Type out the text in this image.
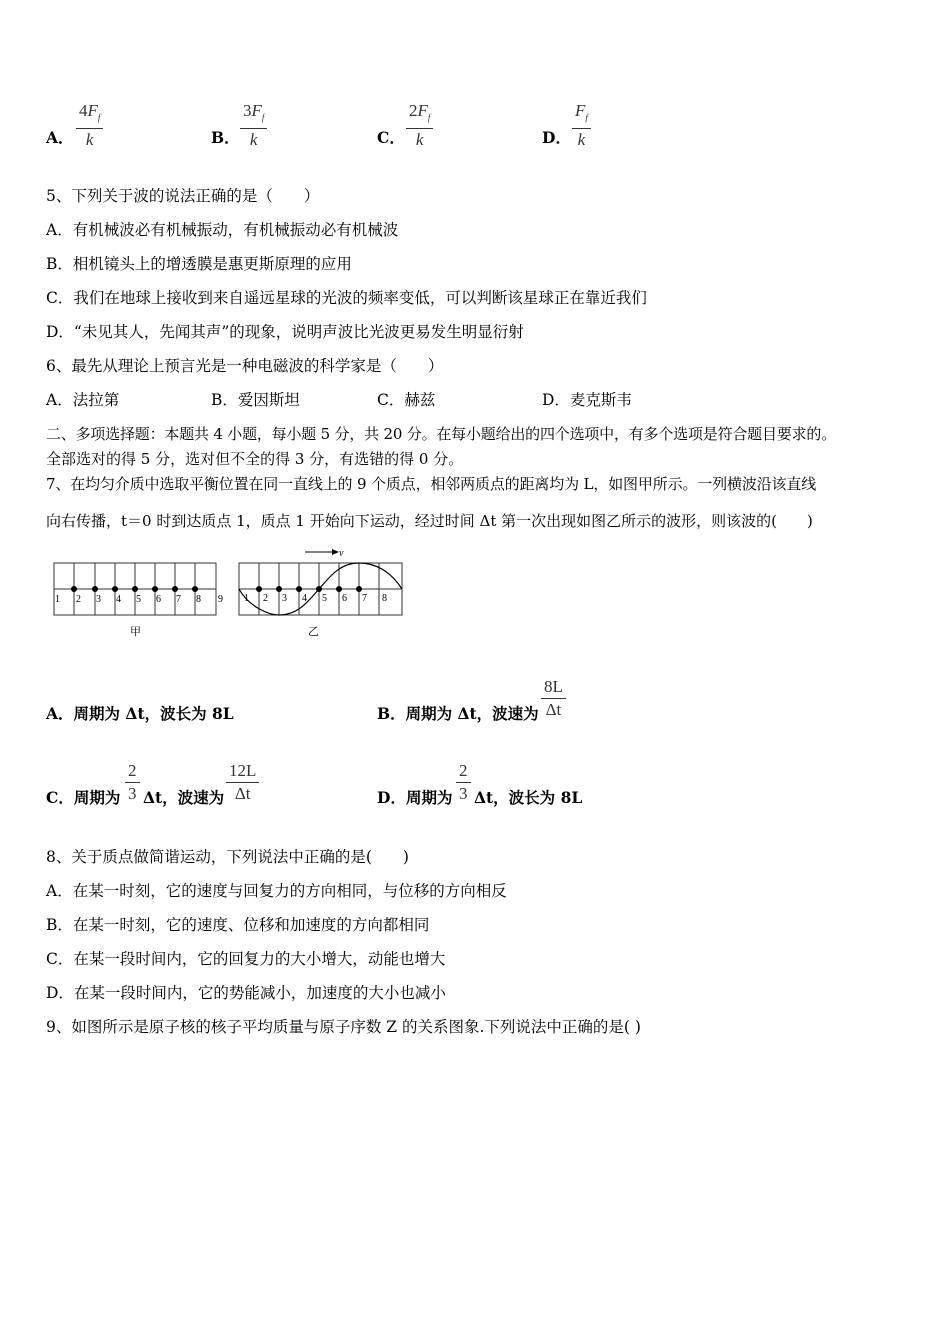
A． $\frac{4F_f}{k}$	B． $\frac{3F_f}{k}$	C． $\frac{2F_f}{k}$	D． $\frac{F_f}{k}$
5、下列关于波的说法正确的是（　　）
A．有机械波必有机械振动，有机械振动必有机械波
B．相机镜头上的增透膜是惠更斯原理的应用
C．我们在地球上接收到来自遥远星球的光波的频率变低，可以判断该星球正在靠近我们
D．“未见其人，先闻其声”的现象，说明声波比光波更易发生明显衍射
6、最先从理论上预言光是一种电磁波的科学家是（　　）
A．法拉第	B．爱因斯坦	C．赫兹	D．麦克斯韦
二、多项选择题：本题共 4 小题，每小题 5 分，共 20 分。在每小题给出的四个选项中，有多个选项是符合题目要求的。
全部选对的得 5 分，选对但不全的得 3 分，有选错的得 0 分。
7、在均匀介质中选取平衡位置在同一直线上的 9 个质点，相邻两质点的距离均为 L，如图甲所示。一列横波沿该直线
向右传播，t＝0 时到达质点 1，质点 1 开始向下运动，经过时间 Δt 第一次出现如图乙所示的波形，则该波的(　　)
1 2 3 4 5 6 7 8 9
甲
v
1 2 3 4 5 6 7 8
乙
A．周期为 Δt，波长为 8L	B．周期为 Δt，波速为 $\frac{8L}{\Delta t}$
C．周期为 $\frac{2}{3}$ Δt，波速为 $\frac{12L}{\Delta t}$	D．周期为 $\frac{2}{3}$ Δt，波长为 8L
8、关于质点做简谐运动，下列说法中正确的是(　　)
A．在某一时刻，它的速度与回复力的方向相同，与位移的方向相反
B．在某一时刻，它的速度、位移和加速度的方向都相同
C．在某一段时间内，它的回复力的大小增大，动能也增大
D．在某一段时间内，它的势能减小，加速度的大小也减小
9、如图所示是原子核的核子平均质量与原子序数 Z 的关系图象.下列说法中正确的是( )
